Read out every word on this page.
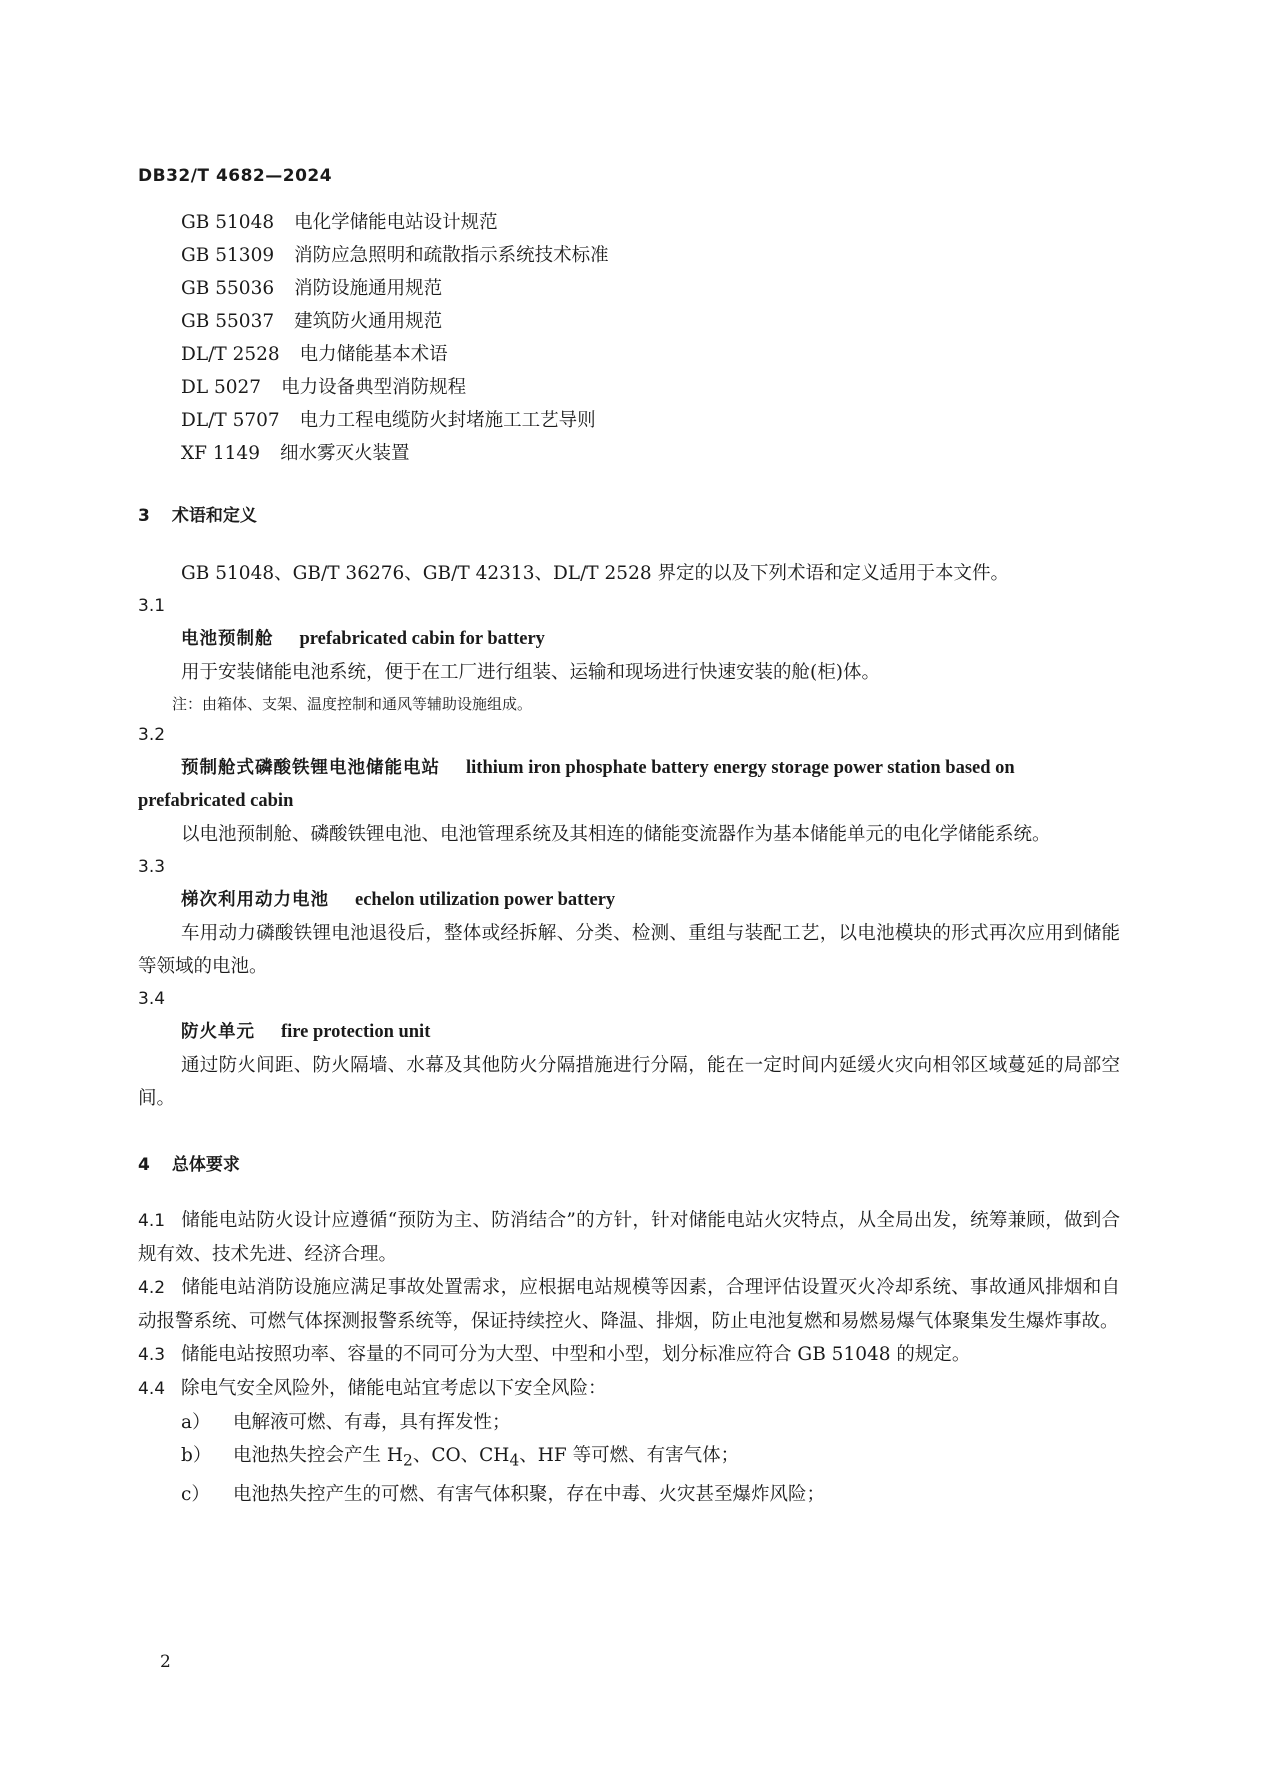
DB32/T 4682—2024
GB 51048 电化学储能电站设计规范
GB 51309 消防应急照明和疏散指示系统技术标准
GB 55036 消防设施通用规范
GB 55037 建筑防火通用规范
DL/T 2528 电力储能基本术语
DL 5027 电力设备典型消防规程
DL/T 5707 电力工程电缆防火封堵施工工艺导则
XF 1149 细水雾灭火装置
3 术语和定义
GB 51048、GB/T 36276、GB/T 42313、DL/T 2528 界定的以及下列术语和定义适用于本文件。
3.1
电池预制舱 prefabricated cabin for battery
用于安装储能电池系统，便于在工厂进行组装、运输和现场进行快速安装的舱(柜)体。
注：由箱体、支架、温度控制和通风等辅助设施组成。
3.2
预制舱式磷酸铁锂电池储能电站 lithium iron phosphate battery energy storage power station based on prefabricated cabin
以电池预制舱、磷酸铁锂电池、电池管理系统及其相连的储能变流器作为基本储能单元的电化学储能系统。
3.3
梯次利用动力电池 echelon utilization power battery
车用动力磷酸铁锂电池退役后，整体或经拆解、分类、检测、重组与装配工艺，以电池模块的形式再次应用到储能等领域的电池。
3.4
防火单元 fire protection unit
通过防火间距、防火隔墙、水幕及其他防火分隔措施进行分隔，能在一定时间内延缓火灾向相邻区域蔓延的局部空间。
4 总体要求
4.1 储能电站防火设计应遵循“预防为主、防消结合”的方针，针对储能电站火灾特点，从全局出发，统筹兼顾，做到合规有效、技术先进、经济合理。
4.2 储能电站消防设施应满足事故处置需求，应根据电站规模等因素，合理评估设置灭火冷却系统、事故通风排烟和自动报警系统、可燃气体探测报警系统等，保证持续控火、降温、排烟，防止电池复燃和易燃易爆气体聚集发生爆炸事故。
4.3 储能电站按照功率、容量的不同可分为大型、中型和小型，划分标准应符合 GB 51048 的规定。
4.4 除电气安全风险外，储能电站宜考虑以下安全风险：
a） 电解液可燃、有毒，具有挥发性；
b） 电池热失控会产生 $H_2$、CO、$CH_4$、HF 等可燃、有害气体；
c） 电池热失控产生的可燃、有害气体积聚，存在中毒、火灾甚至爆炸风险；
2
